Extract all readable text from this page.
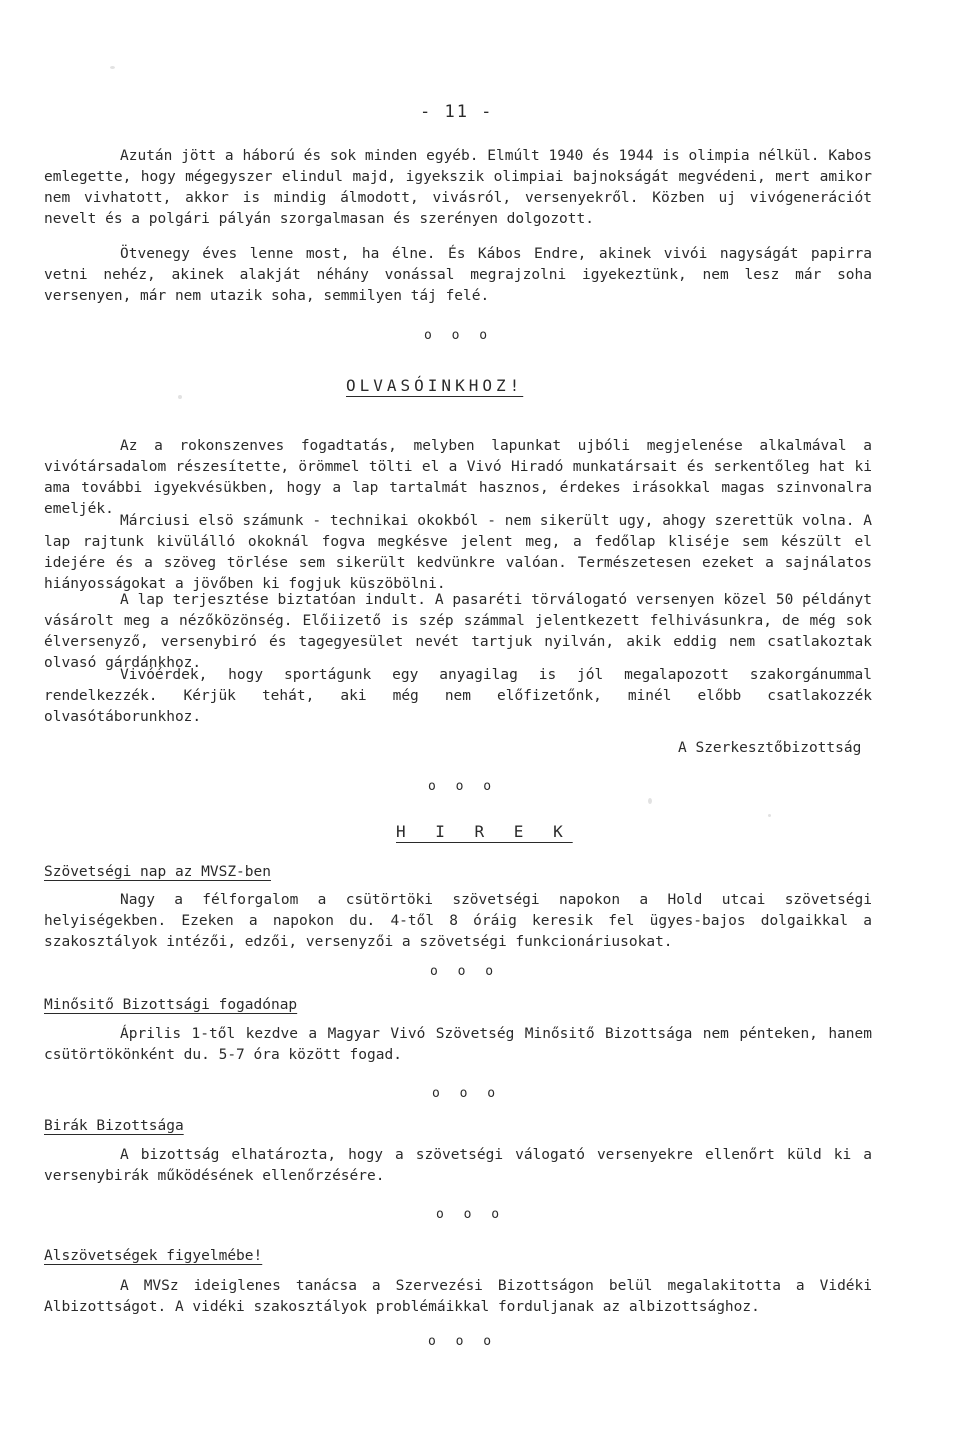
- 11 -

Azután jött a háború és sok minden egyéb. Elmúlt 1940 és 1944 is olimpia nélkül. Kabos emlegette, hogy mégegyszer elindul majd, igyekszik olimpiai bajnokságát megvédeni, mert amikor nem vivhatott, akkor is mindig álmodott, vivásról, versenyekről. Közben uj vivógenerációt nevelt és a polgári pályán szorgalmasan és szerényen dolgozott.

Ötvenegy éves lenne most, ha élne. És Kábos Endre, akinek vivói nagyságát papirra vetni nehéz, akinek alakját néhány vonással megrajzolni igyekeztünk, nem lesz már soha versenyen, már nem utazik soha, semmilyen táj felé.

o o o
OLVASÓINKHOZ!

Az a rokonszenves fogadtatás, melyben lapunkat ujbóli megjelenése alkalmával a vivótársadalom részesítette, örömmel tölti el a Vivó Hiradó munkatársait és serkentőleg hat ki ama további igyekvésükben, hogy a lap tartalmát hasznos, érdekes irásokkal magas szinvonalra emeljék.

Márciusi elsö számunk - technikai okokból - nem sikerült ugy, ahogy szerettük volna. A lap rajtunk kivülálló okoknál fogva megkésve jelent meg, a fedőlap kliséje sem készült el idejére és a szöveg törlése sem sikerült kedvünkre valóan. Természetesen ezeket a sajnálatos hiányosságokat a jövőben ki fogjuk küszöbölni.

A lap terjesztése biztatóan indult. A pasaréti törválogató versenyen közel 50 példányt vásárolt meg a nézőközönség. Előiizető is szép számmal jelentkezett felhivásunkra, de még sok élversenyző, versenybiró és tagegyesület nevét tartjuk nyilván, akik eddig nem csatlakoztak olvasó gárdánkhoz.

Vivóérdek, hogy sportágunk egy anyagilag is jól megalapozott szakorgánummal rendelkezzék. Kérjük tehát, aki még nem előfizetőnk, minél előbb csatlakozzék olvasótáborunkhoz.

A Szerkesztőbizottság
o o o
H I R E K
Szövetségi nap az MVSZ-ben

Nagy a félforgalom a csütörtöki szövetségi napokon a Hold utcai szövetségi helyiségekben. Ezeken a napokon du. 4-től 8 óráig keresik fel ügyes-bajos dolgaikkal a szakosztályok intézői, edzői, versenyzői a szövetségi funkcionáriusokat.

o o o
Minősitő Bizottsági fogadónap

Április 1-től kezdve a Magyar Vivó Szövetség Minősitő Bizottsága nem pénteken, hanem csütörtökönként du. 5-7 óra között fogad.

o o o
Birák Bizottsága

A bizottság elhatározta, hogy a szövetségi válogató versenyekre ellenőrt küld ki a versenybirák működésének ellenőrzésére.

o o o
Alszövetségek figyelmébe!

A MVSz ideiglenes tanácsa a Szervezési Bizottságon belül megalakitotta a Vidéki Albizottságot. A vidéki szakosztályok problémáikkal forduljanak az albizottsághoz.

o o o
